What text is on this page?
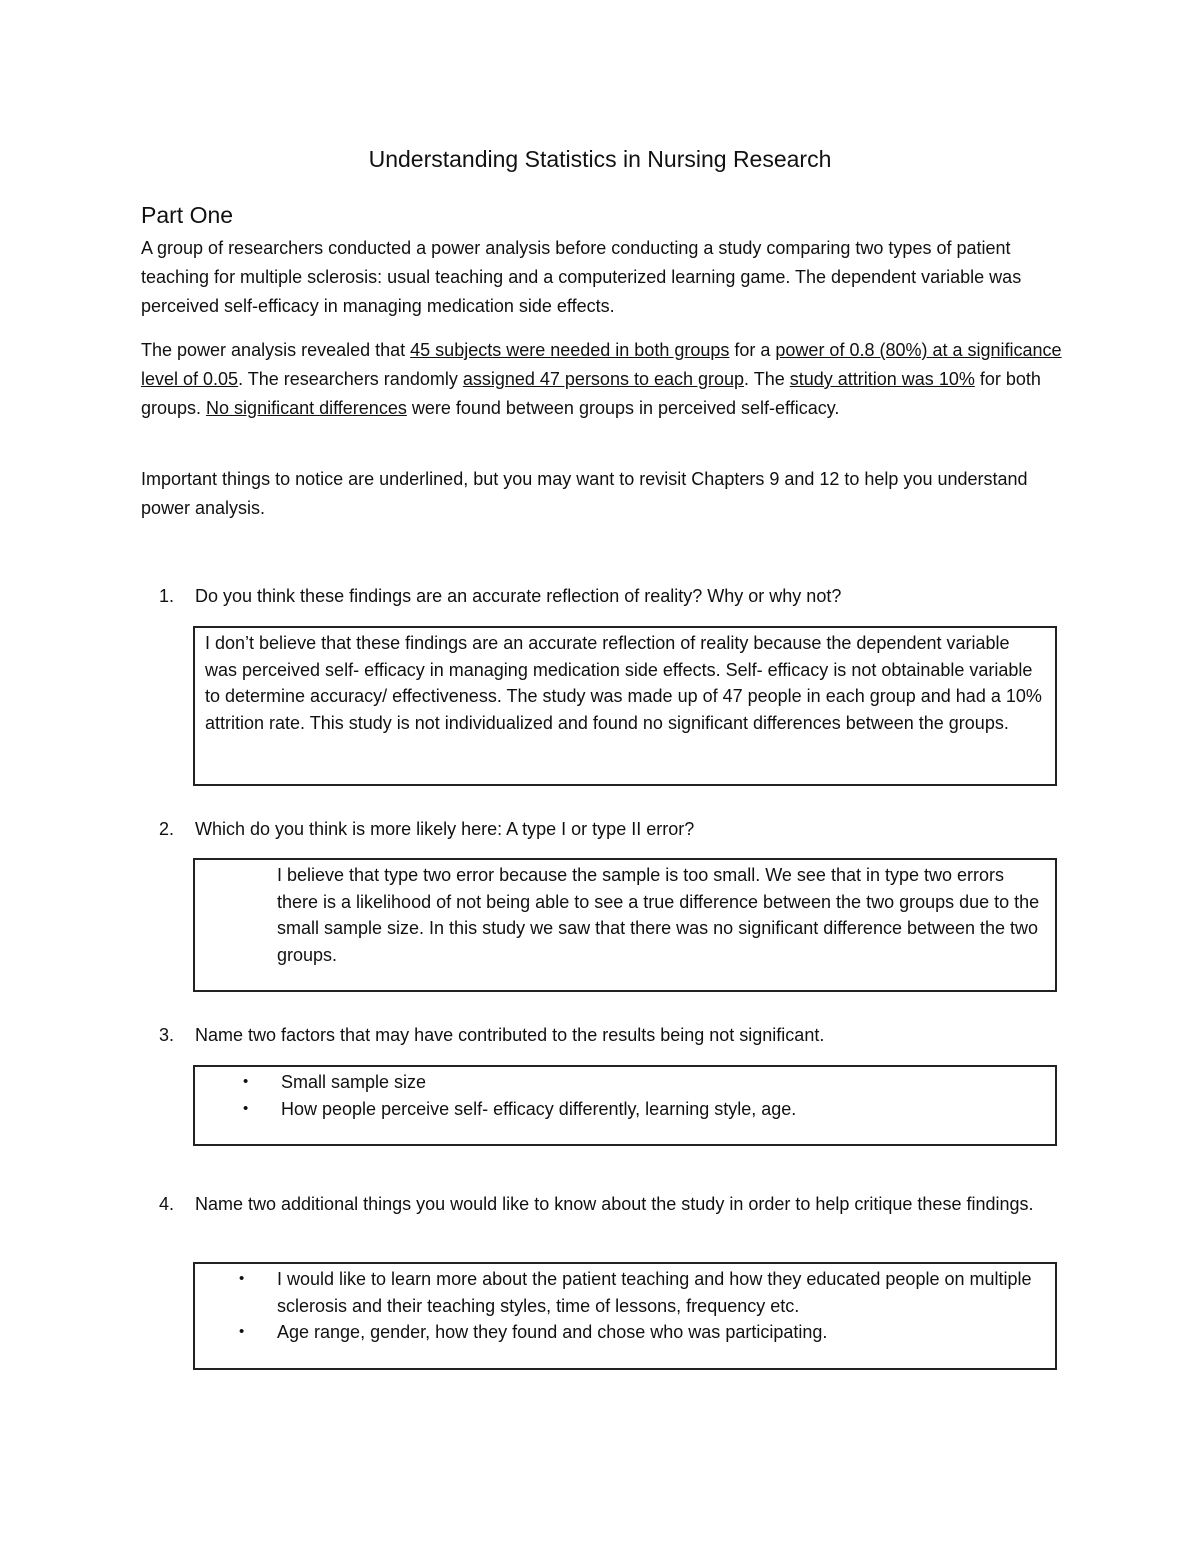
Understanding Statistics in Nursing Research
Part One
A group of researchers conducted a power analysis before conducting a study comparing two types of patient teaching for multiple sclerosis: usual teaching and a computerized learning game. The dependent variable was perceived self-efficacy in managing medication side effects.
The power analysis revealed that 45 subjects were needed in both groups for a power of 0.8 (80%) at a significance level of 0.05. The researchers randomly assigned 47 persons to each group. The study attrition was 10% for both groups. No significant differences were found between groups in perceived self-efficacy.
Important things to notice are underlined, but you may want to revisit Chapters 9 and 12 to help you understand power analysis.
1. Do you think these findings are an accurate reflection of reality? Why or why not?
I don’t believe that these findings are an accurate reflection of reality because the dependent variable was perceived self- efficacy in managing medication side effects. Self- efficacy is not obtainable variable to determine accuracy/ effectiveness. The study was made up of 47 people in each group and had a 10% attrition rate. This study is not individualized and found no significant differences between the groups.
2. Which do you think is more likely here: A type I or type II error?
I believe that type two error because the sample is too small. We see that in type two errors there is a likelihood of not being able to see a true difference between the two groups due to the small sample size. In this study we saw that there was no significant difference between the two groups.
3. Name two factors that may have contributed to the results being not significant.
• Small sample size
• How people perceive self- efficacy differently, learning style, age.
4. Name two additional things you would like to know about the study in order to help critique these findings.
• I would like to learn more about the patient teaching and how they educated people on multiple sclerosis and their teaching styles, time of lessons, frequency etc.
• Age range, gender, how they found and chose who was participating.
